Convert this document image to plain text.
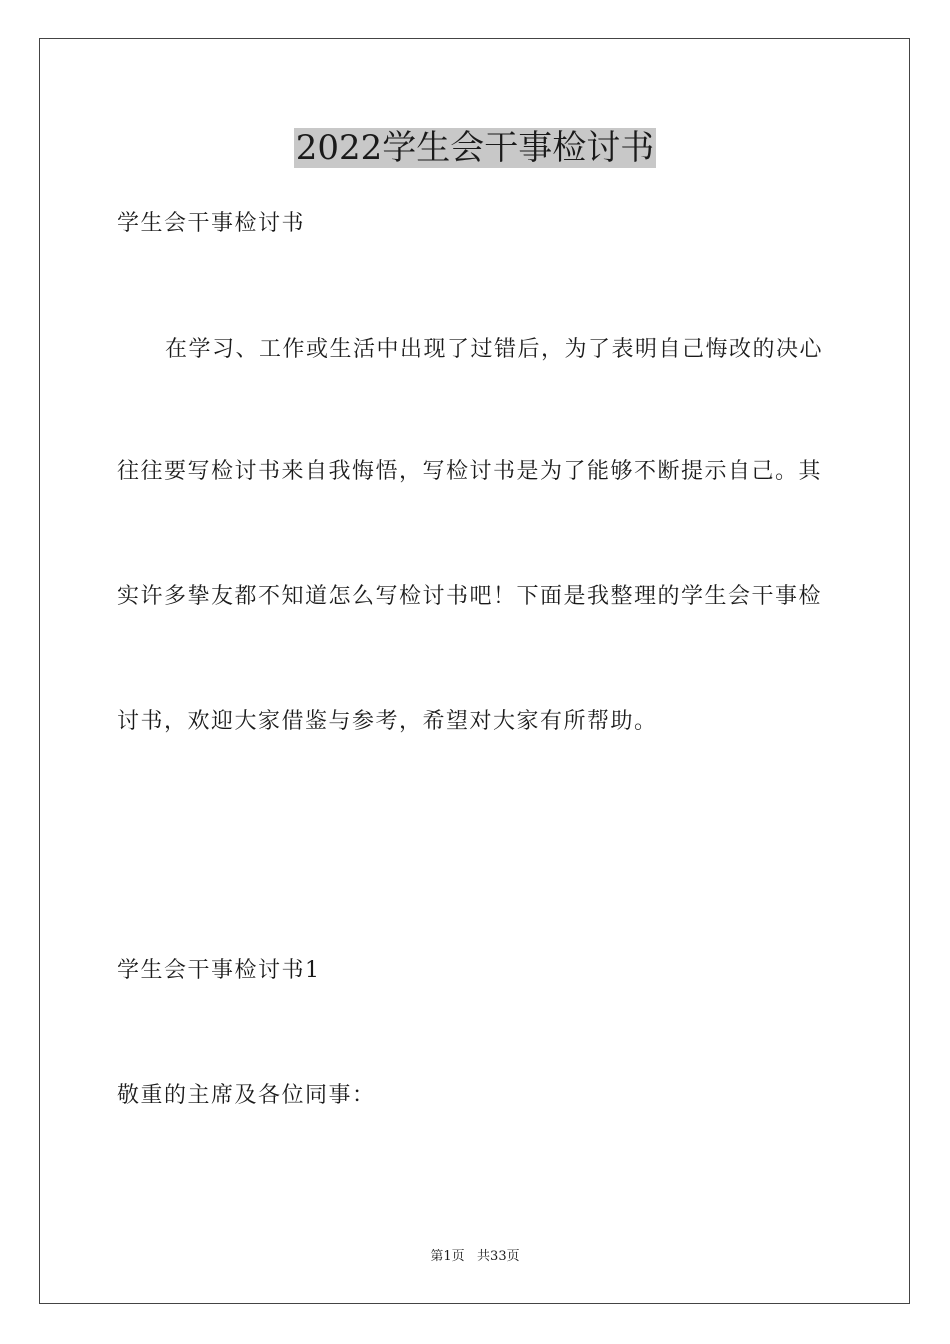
2022学生会干事检讨书
学生会干事检讨书
在学习、工作或生活中出现了过错后，为了表明自己悔改的决心
往往要写检讨书来自我悔悟，写检讨书是为了能够不断提示自己。其
实许多挚友都不知道怎么写检讨书吧！下面是我整理的学生会干事检
讨书，欢迎大家借鉴与参考，希望对大家有所帮助。
学生会干事检讨书1
敬重的主席及各位同事：
第1页   共33页
